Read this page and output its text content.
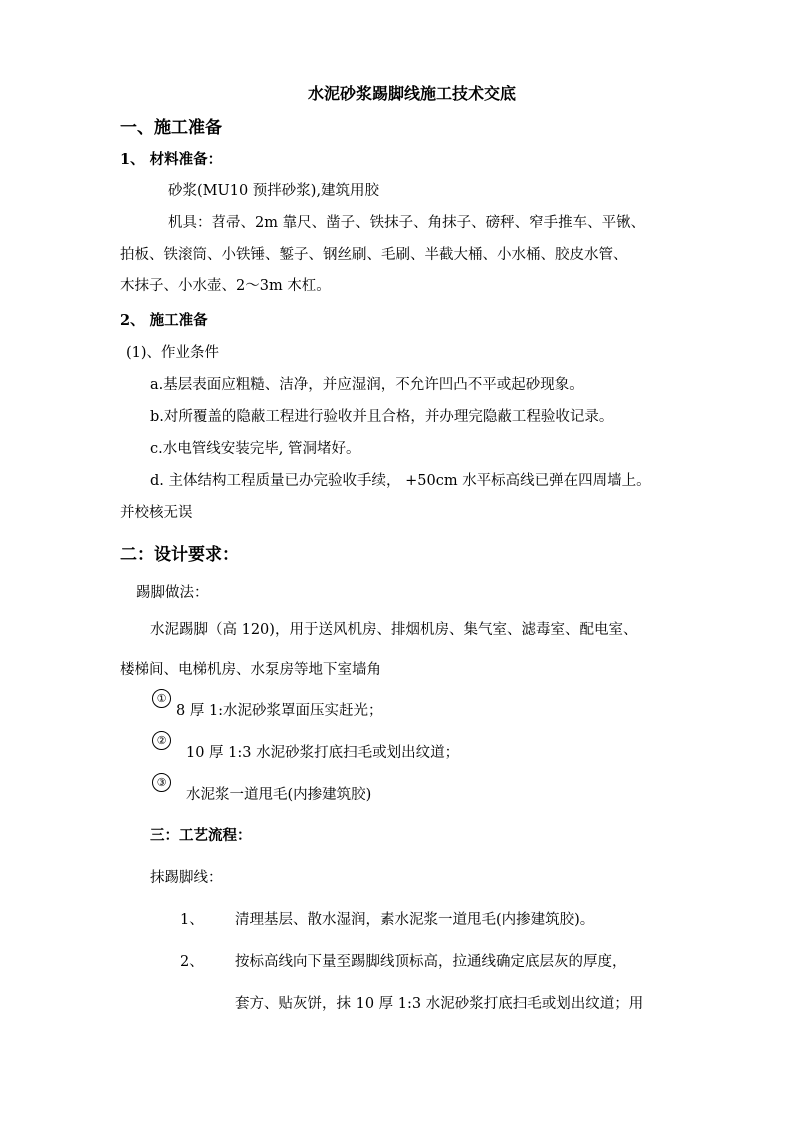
水泥砂浆踢脚线施工技术交底
一、施工准备
1、 材料准备：
砂浆(MU10 预拌砂浆),建筑用胶
机具：苕帚、2m 靠尺、凿子、铁抹子、角抹子、磅秤、窄手推车、平锹、
拍板、铁滚筒、小铁锤、錾子、钢丝刷、毛刷、半截大桶、小水桶、胶皮水管、
木抹子、小水壶、2～3m 木杠。
2、 施工准备
(1)、作业条件
a.基层表面应粗糙、洁净，并应湿润，不允许凹凸不平或起砂现象。
b.对所覆盖的隐蔽工程进行验收并且合格，并办理完隐蔽工程验收记录。
c.水电管线安装完毕, 管洞堵好。
d. 主体结构工程质量已办完验收手续， +50cm 水平标高线已弹在四周墙上。
并校核无误
二：设计要求：
踢脚做法：
水泥踢脚（高 120)，用于送风机房、排烟机房、集气室、滤毒室、配电室、
楼梯间、电梯机房、水泵房等地下室墙角
①
8 厚 1:水泥砂浆罩面压实赶光；
②
10 厚 1:3 水泥砂浆打底扫毛或划出纹道；
③
水泥浆一道甩毛(内掺建筑胶)
三：工艺流程：
抹踢脚线：
1、 清理基层、散水湿润，素水泥浆一道甩毛(内掺建筑胶)。
2、 按标高线向下量至踢脚线顶标高，拉通线确定底层灰的厚度，
套方、贴灰饼，抹 10 厚 1:3 水泥砂浆打底扫毛或划出纹道；用
